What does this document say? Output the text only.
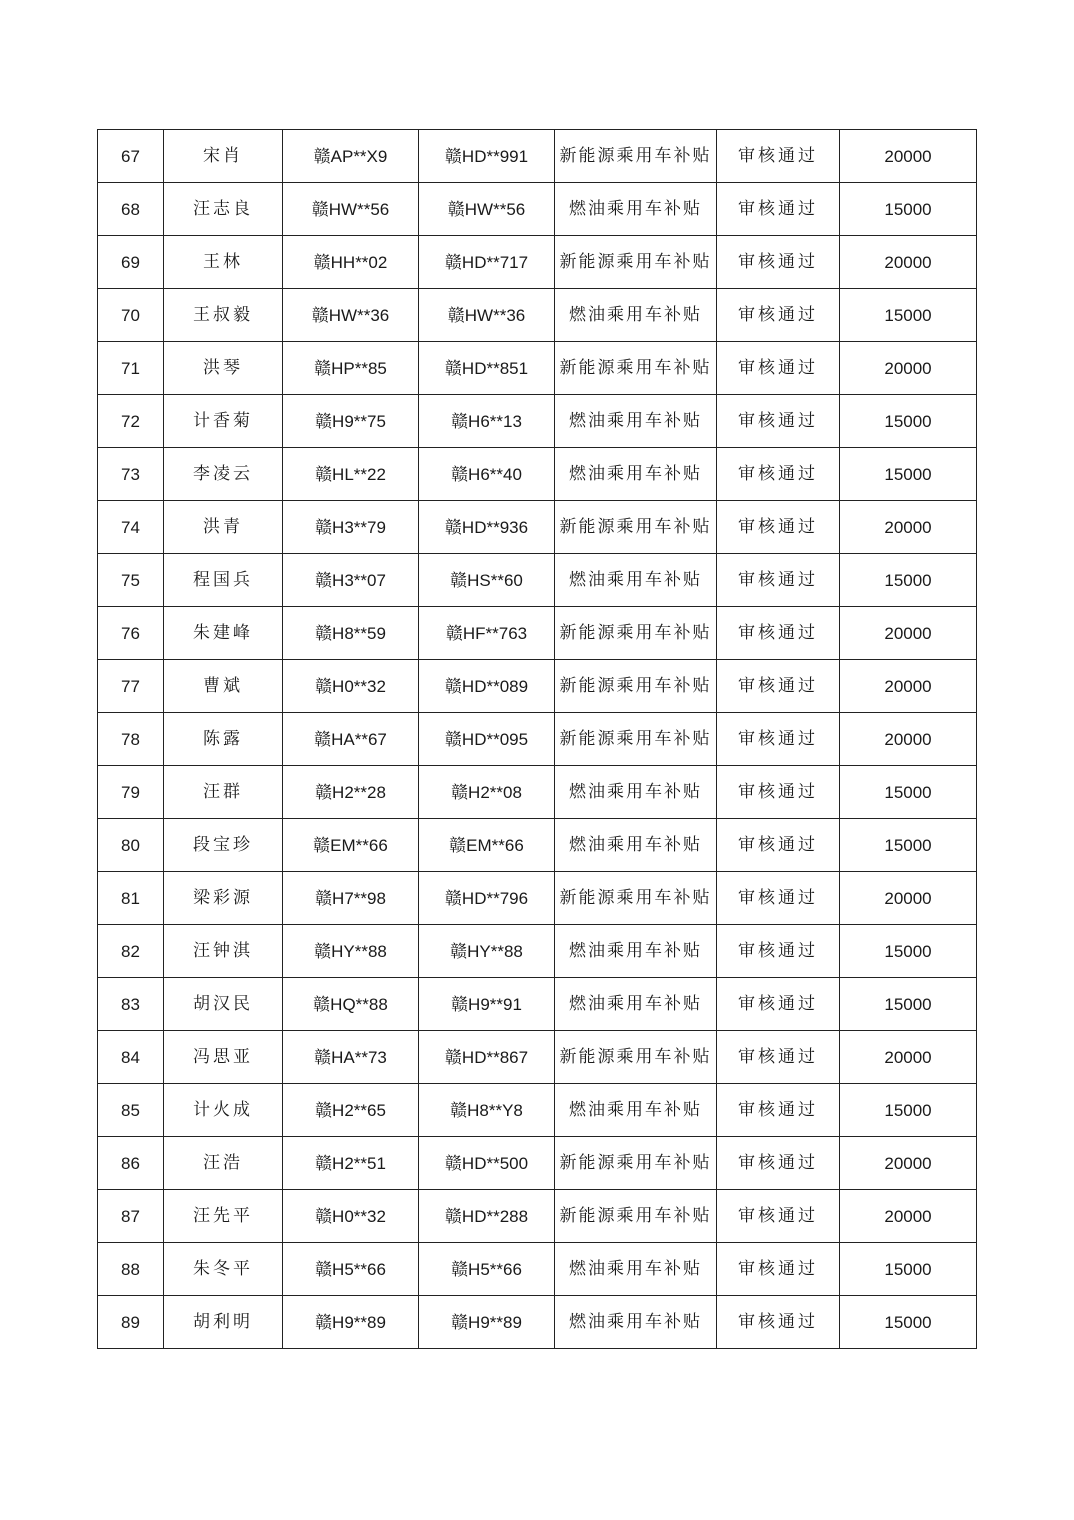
67	宋肖	赣AP**X9	赣HD**991	新能源乘用车补贴	审核通过	20000
68	汪志良	赣HW**56	赣HW**56	燃油乘用车补贴	审核通过	15000
69	王林	赣HH**02	赣HD**717	新能源乘用车补贴	审核通过	20000
70	王叔毅	赣HW**36	赣HW**36	燃油乘用车补贴	审核通过	15000
71	洪琴	赣HP**85	赣HD**851	新能源乘用车补贴	审核通过	20000
72	计香菊	赣H9**75	赣H6**13	燃油乘用车补贴	审核通过	15000
73	李凌云	赣HL**22	赣H6**40	燃油乘用车补贴	审核通过	15000
74	洪青	赣H3**79	赣HD**936	新能源乘用车补贴	审核通过	20000
75	程国兵	赣H3**07	赣HS**60	燃油乘用车补贴	审核通过	15000
76	朱建峰	赣H8**59	赣HF**763	新能源乘用车补贴	审核通过	20000
77	曹斌	赣H0**32	赣HD**089	新能源乘用车补贴	审核通过	20000
78	陈露	赣HA**67	赣HD**095	新能源乘用车补贴	审核通过	20000
79	汪群	赣H2**28	赣H2**08	燃油乘用车补贴	审核通过	15000
80	段宝珍	赣EM**66	赣EM**66	燃油乘用车补贴	审核通过	15000
81	梁彩源	赣H7**98	赣HD**796	新能源乘用车补贴	审核通过	20000
82	汪钟淇	赣HY**88	赣HY**88	燃油乘用车补贴	审核通过	15000
83	胡汉民	赣HQ**88	赣H9**91	燃油乘用车补贴	审核通过	15000
84	冯思亚	赣HA**73	赣HD**867	新能源乘用车补贴	审核通过	20000
85	计火成	赣H2**65	赣H8**Y8	燃油乘用车补贴	审核通过	15000
86	汪浩	赣H2**51	赣HD**500	新能源乘用车补贴	审核通过	20000
87	汪先平	赣H0**32	赣HD**288	新能源乘用车补贴	审核通过	20000
88	朱冬平	赣H5**66	赣H5**66	燃油乘用车补贴	审核通过	15000
89	胡利明	赣H9**89	赣H9**89	燃油乘用车补贴	审核通过	15000
